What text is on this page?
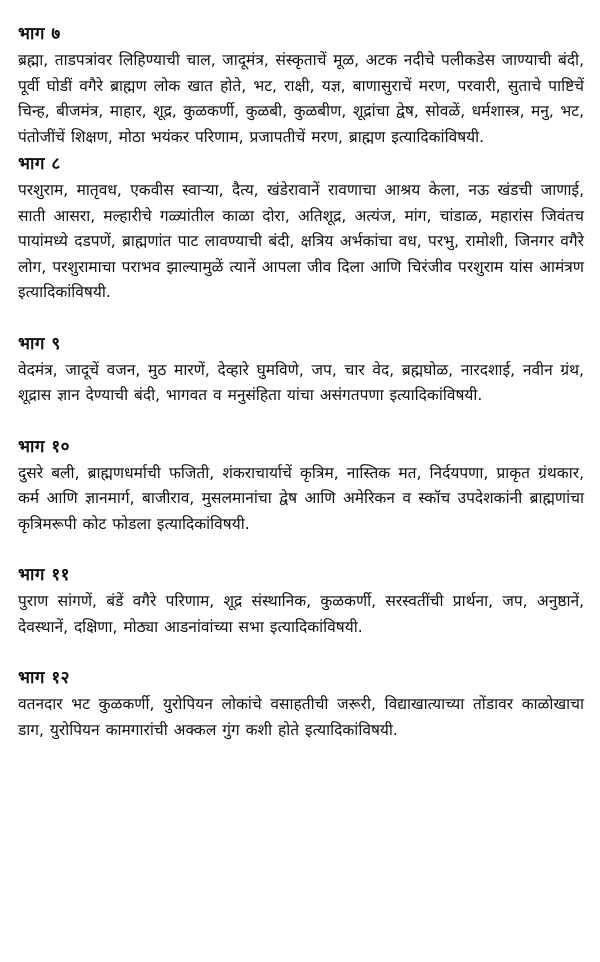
भाग ७

ब्रह्मा, ताडपत्रांवर लिहिण्याची चाल, जादूमंत्र, संस्कृताचें मूळ, अटक नदीचे पलीकडेस जाण्याची बंदी, पूर्वी घोडीं वगैरे ब्राह्मण लोक खात होते, भट, राक्षी, यज्ञ, बाणासुराचें मरण, परवारी, सुताचे पाष्टिचें चिन्ह, बीजमंत्र, माहार, शूद्र, कुळकर्णी, कुळबी, कुळबीण, शूद्रांचा द्वेष, सोवळें, धर्मशास्त्र, मनु, भट, पंतोजींचें शिक्षण, मोठा भयंकर परिणाम, प्रजापतीचें मरण, ब्राह्मण इत्यादिकांविषयी.

भाग ८

परशुराम, मातृवध, एकवीस स्वाऱ्या, दैत्य, खंडेरावानें रावणाचा आश्रय केला, नऊ खंडची जाणाई, साती आसरा, मल्हारीचे गळ्यांतील काळा दोरा, अतिशूद्र, अत्यंज, मांग, चांडाळ, महारांस जिवंतच पायांमध्ये दडपणें, ब्राह्मणांत पाट लावण्याची बंदी, क्षत्रिय अर्भकांचा वध, परभु, रामोशी, जिनगर वगैरे लोग, परशुरामाचा पराभव झाल्यामुळें त्यानें आपला जीव दिला आणि चिरंजीव परशुराम यांस आमंत्रण इत्यादिकांविषयी.

भाग ९

वेदमंत्र, जादूचें वजन, मुठ मारणें, देव्हारे घुमविणे, जप, चार वेद, ब्रह्मघोळ, नारदशाई, नवीन ग्रंथ, शूद्रास ज्ञान देण्याची बंदी, भागवत व मनुसंहिता यांचा असंगतपणा इत्यादिकांविषयी.

भाग १०

दुसरे बली, ब्राह्मणधर्माची फजिती, शंकराचार्याचें कृत्रिम, नास्तिक मत, निर्दयपणा, प्राकृत ग्रंथकार, कर्म आणि ज्ञानमार्ग, बाजीराव, मुसलमानांचा द्वेष आणि अमेरिकन व स्कॉच उपदेशकांनी ब्राह्मणांचा कृत्रिमरूपी कोट फोडला इत्यादिकांविषयी.

भाग ११

पुराण सांगणें, बंडें वगैरे परिणाम, शूद्र संस्थानिक, कुळकर्णी, सरस्वतींची प्रार्थना, जप, अनुष्ठानें, देवस्थानें, दक्षिणा, मोठ्या आडनांवांच्या सभा इत्यादिकांविषयी.

भाग १२

वतनदार भट कुळकर्णी, युरोपियन लोकांचे वसाहतीची जरूरी, विद्याखात्याच्या तोंडावर काळोखाचा डाग, युरोपियन कामगारांची अक्कल गुंग कशी होते इत्यादिकांविषयी.
